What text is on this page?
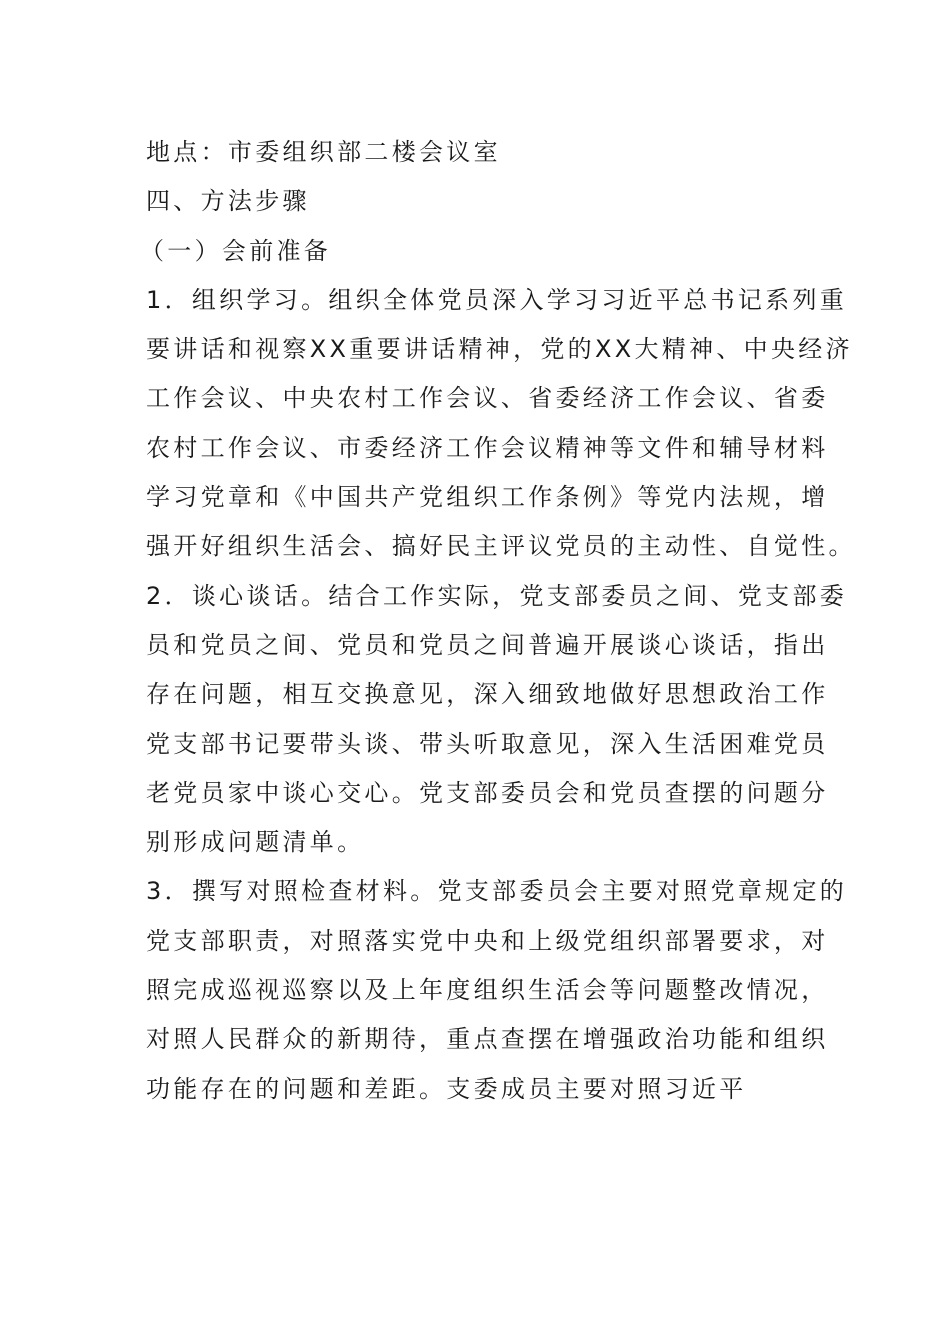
地点：市委组织部二楼会议室
四、方法步骤
（一）会前准备
1．组织学习。组织全体党员深入学习习近平总书记系列重
要讲话和视察XX重要讲话精神，党的XX大精神、中央经济
工作会议、中央农村工作会议、省委经济工作会议、省委
农村工作会议、市委经济工作会议精神等文件和辅导材料
学习党章和《中国共产党组织工作条例》等党内法规，增
强开好组织生活会、搞好民主评议党员的主动性、自觉性。
2．谈心谈话。结合工作实际，党支部委员之间、党支部委
员和党员之间、党员和党员之间普遍开展谈心谈话，指出
存在问题，相互交换意见，深入细致地做好思想政治工作
党支部书记要带头谈、带头听取意见，深入生活困难党员
老党员家中谈心交心。党支部委员会和党员查摆的问题分
别形成问题清单。
3．撰写对照检查材料。党支部委员会主要对照党章规定的
党支部职责，对照落实党中央和上级党组织部署要求，对
照完成巡视巡察以及上年度组织生活会等问题整改情况，
对照人民群众的新期待，重点查摆在增强政治功能和组织
功能存在的问题和差距。支委成员主要对照习近平
